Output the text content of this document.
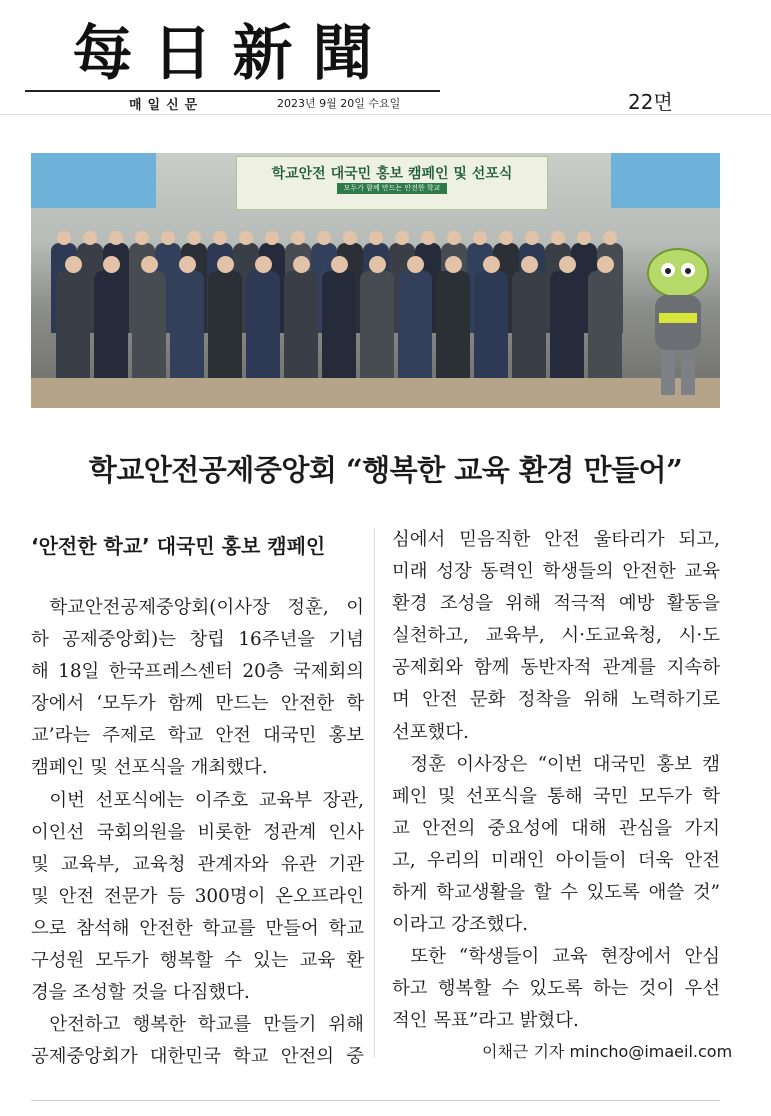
每日新聞
매일신문	2023년 9월 20일 수요일	22면
학교안전 대국민 홍보 캠페인 및 선포식
모두가 함께 만드는 안전한 학교
학교안전공제중앙회 “행복한 교육 환경 만들어”
‘안전한 학교’ 대국민 홍보 캠페인
 학교안전공제중앙회(이사장 정훈, 이
하 공제중앙회)는 창립 16주년을 기념
해 18일 한국프레스센터 20층 국제회의
장에서 ‘모두가 함께 만드는 안전한 학
교’라는 주제로 학교 안전 대국민 홍보
캠페인 및 선포식을 개최했다.
 이번 선포식에는 이주호 교육부 장관,
이인선 국회의원을 비롯한 정관계 인사
및 교육부, 교육청 관계자와 유관 기관
및 안전 전문가 등 300명이 온오프라인
으로 참석해 안전한 학교를 만들어 학교
구성원 모두가 행복할 수 있는 교육 환
경을 조성할 것을 다짐했다.
 안전하고 행복한 학교를 만들기 위해
공제중앙회가 대한민국 학교 안전의 중
심에서 믿음직한 안전 울타리가 되고,
미래 성장 동력인 학생들의 안전한 교육
환경 조성을 위해 적극적 예방 활동을
실천하고, 교육부, 시·도교육청, 시·도
공제회와 함께 동반자적 관계를 지속하
며 안전 문화 정착을 위해 노력하기로
선포했다.
 정훈 이사장은 “이번 대국민 홍보 캠
페인 및 선포식을 통해 국민 모두가 학
교 안전의 중요성에 대해 관심을 가지
고, 우리의 미래인 아이들이 더욱 안전
하게 학교생활을 할 수 있도록 애쓸 것”
이라고 강조했다.
 또한 “학생들이 교육 현장에서 안심
하고 행복할 수 있도록 하는 것이 우선
적인 목표”라고 밝혔다.
이채근 기자 mincho@imaeil.com
